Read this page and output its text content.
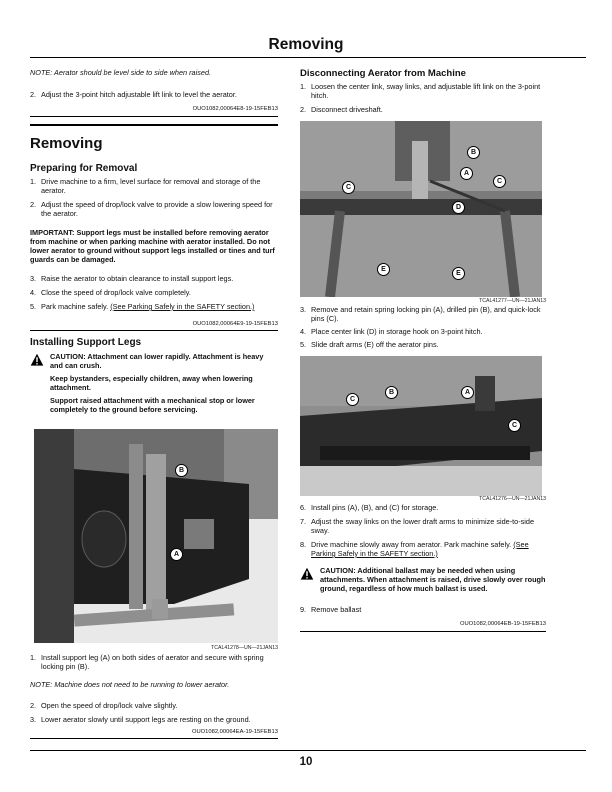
Removing
NOTE: Aerator should be level side to side when raised.
2. Adjust the 3-point hitch adjustable lift link to level the aerator.
OUO1082,00064E8-19-15FEB13
Removing
Preparing for Removal
1. Drive machine to a firm, level surface for removal and storage of the aerator.
2. Adjust the speed of drop/lock valve to provide a slow lowering speed for the aerator.
IMPORTANT: Support legs must be installed before removing aerator from machine or when parking machine with aerator installed. Do not lower aerator to ground without support legs installed or tines and turf guards can be damaged.
3. Raise the aerator to obtain clearance to install support legs.
4. Close the speed of drop/lock valve completely.
5. Park machine safely. (See Parking Safely in the SAFETY section.)
OUO1082,00064E9-19-15FEB13
Installing Support Legs
CAUTION: Attachment can lower rapidly. Attachment is heavy and can crush.
Keep bystanders, especially children, away when lowering attachment.
Support raised attachment with a mechanical stop or lower completely to the ground before servicing.
B
A
TCAL41278—UN—21JAN13
1. Install support leg (A) on both sides of aerator and secure with spring locking pin (B).
NOTE: Machine does not need to be running to lower aerator.
2. Open the speed of drop/lock valve slightly.
3. Lower aerator slowly until support legs are resting on the ground.
OUO1082,00064EA-19-15FEB13
Disconnecting Aerator from Machine
1. Loosen the center link, sway links, and adjustable lift link on the 3-point hitch.
2. Disconnect driveshaft.
B
A
C
C
D
E
E
TCAL41277—UN—21JAN13
3. Remove and retain spring locking pin (A), drilled pin (B), and quick-lock pins (C).
4. Place center link (D) in storage hook on 3-point hitch.
5. Slide draft arms (E) off the aerator pins.
B	A
C
C
TCAL41276—UN—21JAN13
6. Install pins (A), (B), and (C) for storage.
7. Adjust the sway links on the lower draft arms to minimize side-to-side sway.
8. Drive machine slowly away from aerator. Park machine safely. (See Parking Safely in the SAFETY section.)
CAUTION: Additional ballast may be needed when using attachments. When attachment is raised, drive slowly over rough ground, regardless of how much ballast is used.
9. Remove ballast
OUO1082,00064EB-19-15FEB13
10
